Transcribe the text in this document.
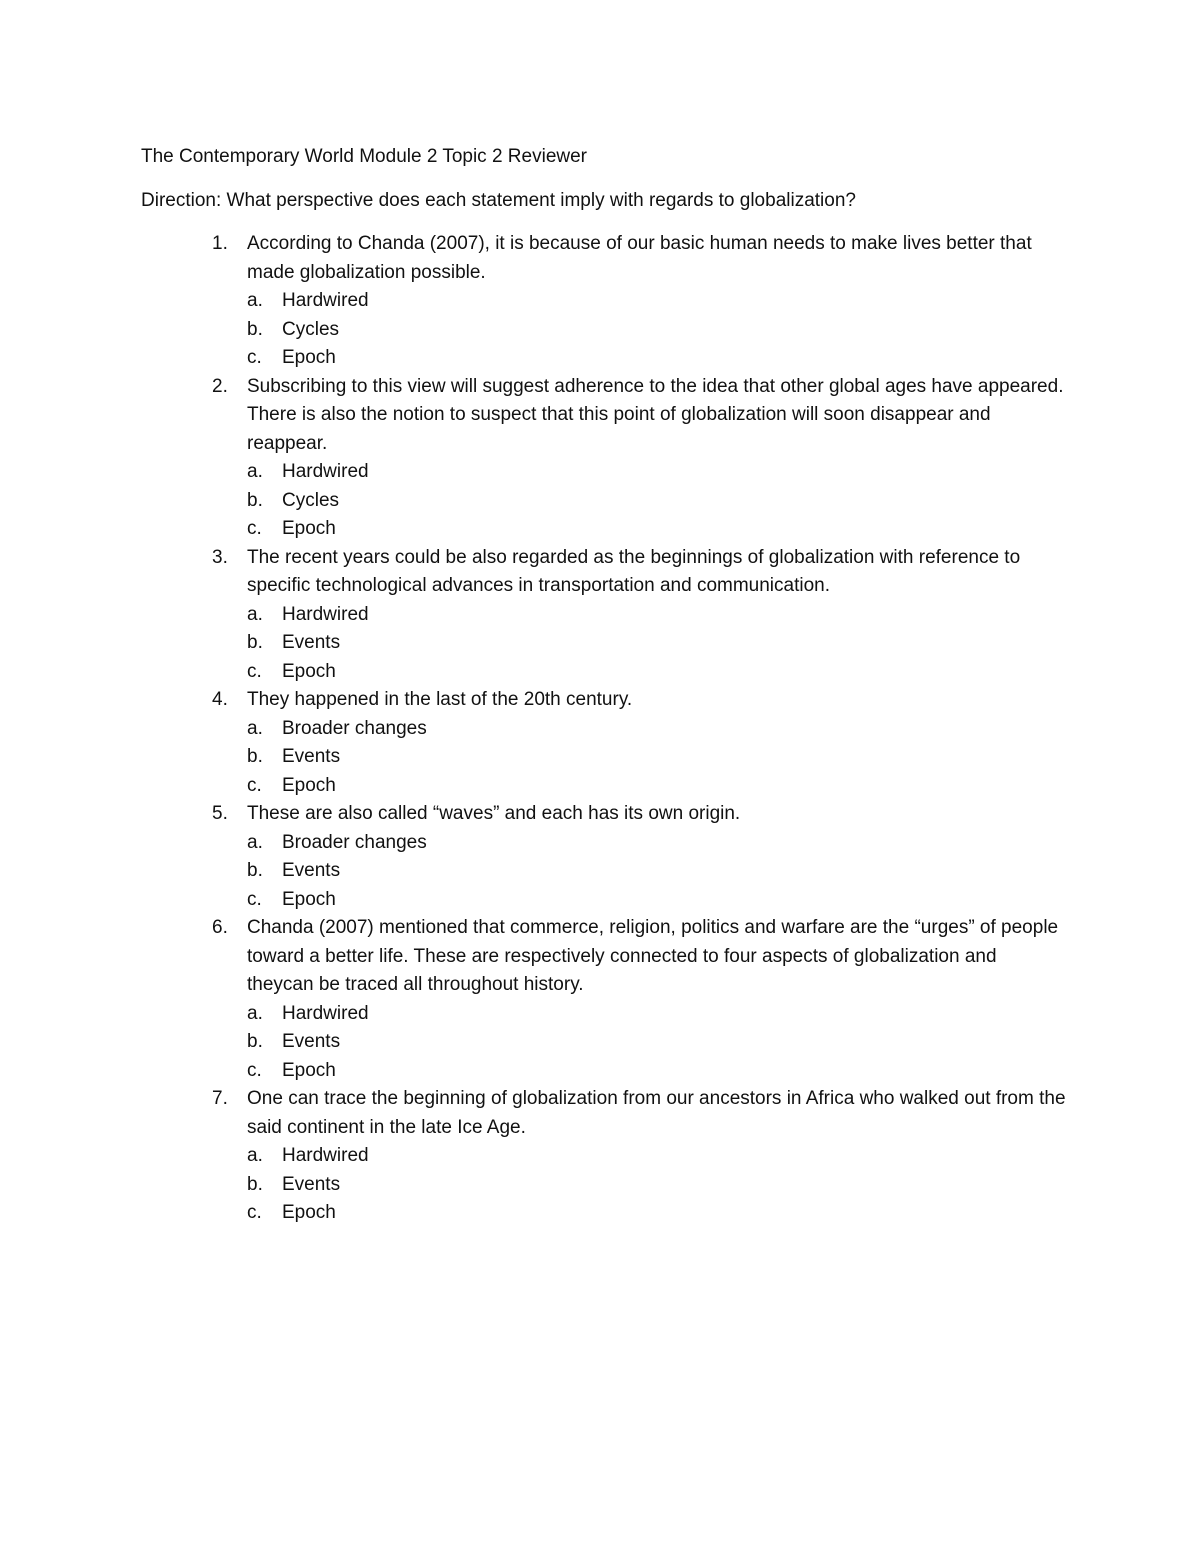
The Contemporary World Module 2 Topic 2 Reviewer
Direction: What perspective does each statement imply with regards to globalization?
1.	According to Chanda (2007), it is because of our basic human needs to make lives better that made globalization possible.
a. Hardwired
b. Cycles
c. Epoch
2.	Subscribing to this view will suggest adherence to the idea that other global ages have appeared. There is also the notion to suspect that this point of globalization will soon disappear and reappear.
a. Hardwired
b. Cycles
c. Epoch
3.	The recent years could be also regarded as the beginnings of globalization with reference to specific technological advances in transportation and communication.
a. Hardwired
b. Events
c. Epoch
4.	They happened in the last of the 20th century.
a. Broader changes
b. Events
c. Epoch
5.	These are also called “waves” and each has its own origin.
a. Broader changes
b. Events
c. Epoch
6.	Chanda (2007) mentioned that commerce, religion, politics and warfare are the “urges” of people toward a better life. These are respectively connected to four aspects of globalization and theycan be traced all throughout history.
a. Hardwired
b. Events
c. Epoch
7.	One can trace the beginning of globalization from our ancestors in Africa who walked out from the said continent in the late Ice Age.
a. Hardwired
b. Events
c. Epoch
